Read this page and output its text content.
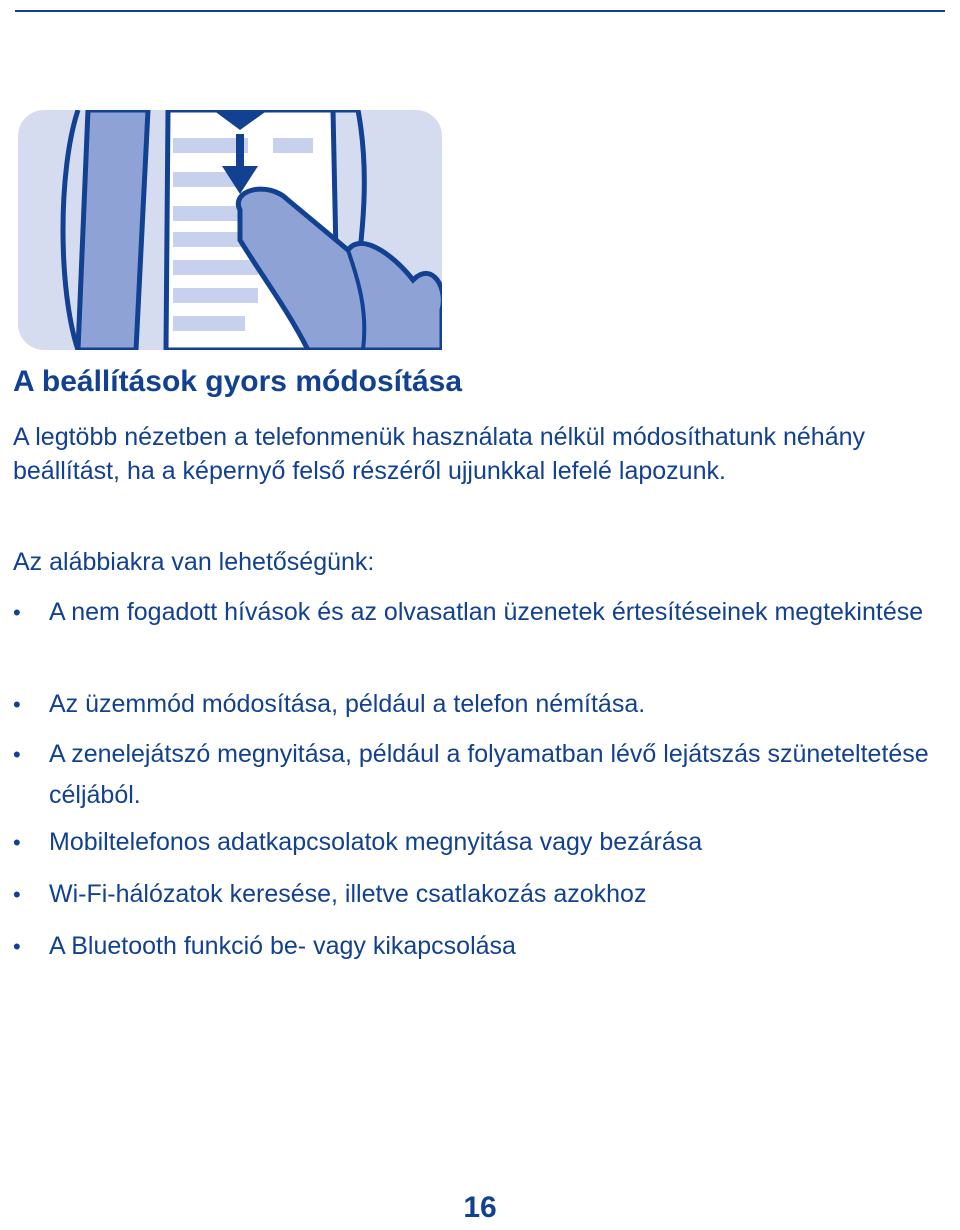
A beállítások gyors módosítása

A legtöbb nézetben a telefonmenük használata nélkül módosíthatunk néhány beállítást, ha a képernyő felső részéről ujjunkkal lefelé lapozunk.

Az alábbiakra van lehetőségünk:

• A nem fogadott hívások és az olvasatlan üzenetek értesítéseinek megtekintése
• Az üzemmód módosítása, például a telefon némítása.
• A zenelejátszó megnyitása, például a folyamatban lévő lejátszás szüneteltetése céljából.
• Mobiltelefonos adatkapcsolatok megnyitása vagy bezárása
• Wi-Fi-hálózatok keresése, illetve csatlakozás azokhoz
• A Bluetooth funkció be- vagy kikapcsolása
16
